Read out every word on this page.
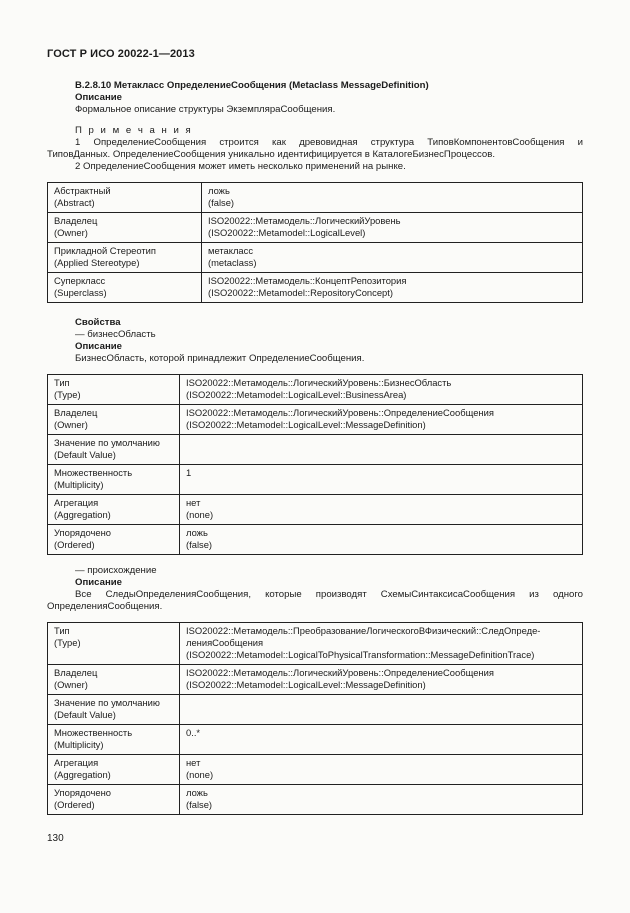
ГОСТ Р ИСО 20022-1—2013
B.2.8.10 Метакласс ОпределениеСообщения (Metaclass MessageDefinition)
Описание
Формальное описание структуры ЭкземпляраСообщения.
П р и м е ч а н и я
1 ОпределениеСообщения строится как древовидная структура ТиповКомпонентовСообщения и
ТиповДанных. ОпределениеСообщения уникально идентифицируется в КаталогеБизнесПроцессов.
2 ОпределениеСообщения может иметь несколько применений на рынке.
Абстрактный
(Abstract)	ложь
(false)

Владелец
(Owner)	ISO20022::Метамодель::ЛогическийУровень
(ISO20022::Metamodel::LogicalLevel)

Прикладной Стереотип
(Applied Stereotype)	метакласс
(metaclass)

Суперкласс
(Superclass)	ISO20022::Метамодель::КонцептРепозитория
(ISO20022::Metamodel::RepositoryConcept)
Свойства
— бизнесОбласть
Описание
БизнесОбласть, которой принадлежит ОпределениеСообщения.
Тип
(Type)	ISO20022::Метамодель::ЛогическийУровень::БизнесОбласть
(ISO20022::Metamodel::LogicalLevel::BusinessArea)

Владелец
(Owner)	ISO20022::Метамодель::ЛогическийУровень::ОпределениеСообщения
(ISO20022::Metamodel::LogicalLevel::MessageDefinition)

Значение по умолчанию
(Default Value)	

Множественность
(Multiplicity)	1

Агрегация
(Aggregation)	нет
(none)

Упорядочено
(Ordered)	ложь
(false)
— происхождение
Описание
Все СледыОпределенияСообщения, которые производят СхемыСинтаксисаСообщения из одного
ОпределенияСообщения.
Тип
(Type)	ISO20022::Метамодель::ПреобразованиеЛогическогоВФизический::СледОпреде-
ленияСообщения
(ISO20022::Metamodel::LogicalToPhysicalTransformation::MessageDefinitionTrace)

Владелец
(Owner)	ISO20022::Метамодель::ЛогическийУровень::ОпределениеСообщения
(ISO20022::Metamodel::LogicalLevel::MessageDefinition)

Значение по умолчанию
(Default Value)	

Множественность
(Multiplicity)	0..*

Агрегация
(Aggregation)	нет
(none)

Упорядочено
(Ordered)	ложь
(false)
130
